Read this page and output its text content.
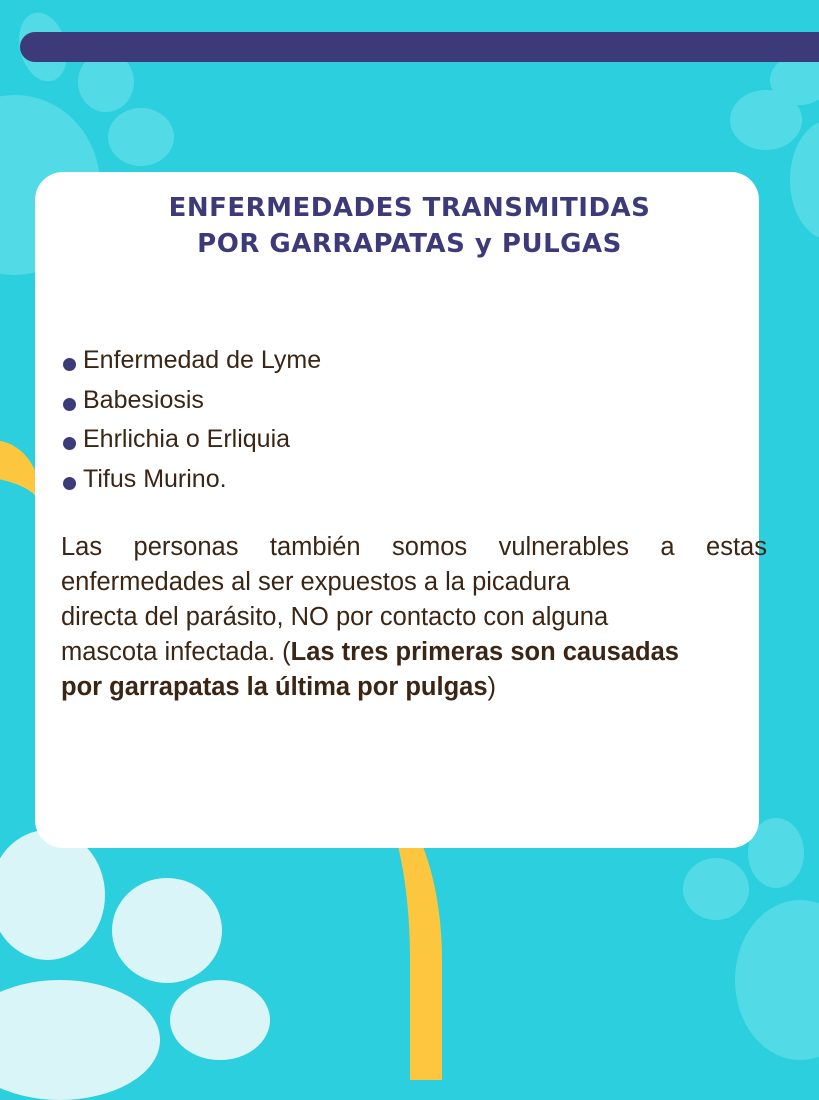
ENFERMEDADES TRANSMITIDAS
POR GARRAPATAS y PULGAS
Enfermedad de Lyme
Babesiosis
Ehrlichia o Erliquia
Tifus Murino.
Las personas también somos vulnerables a estas
enfermedades al ser expuestos a la picadura
directa del parásito, NO por contacto con alguna
mascota infectada. (Las tres primeras son causadas
por garrapatas la última por pulgas)
